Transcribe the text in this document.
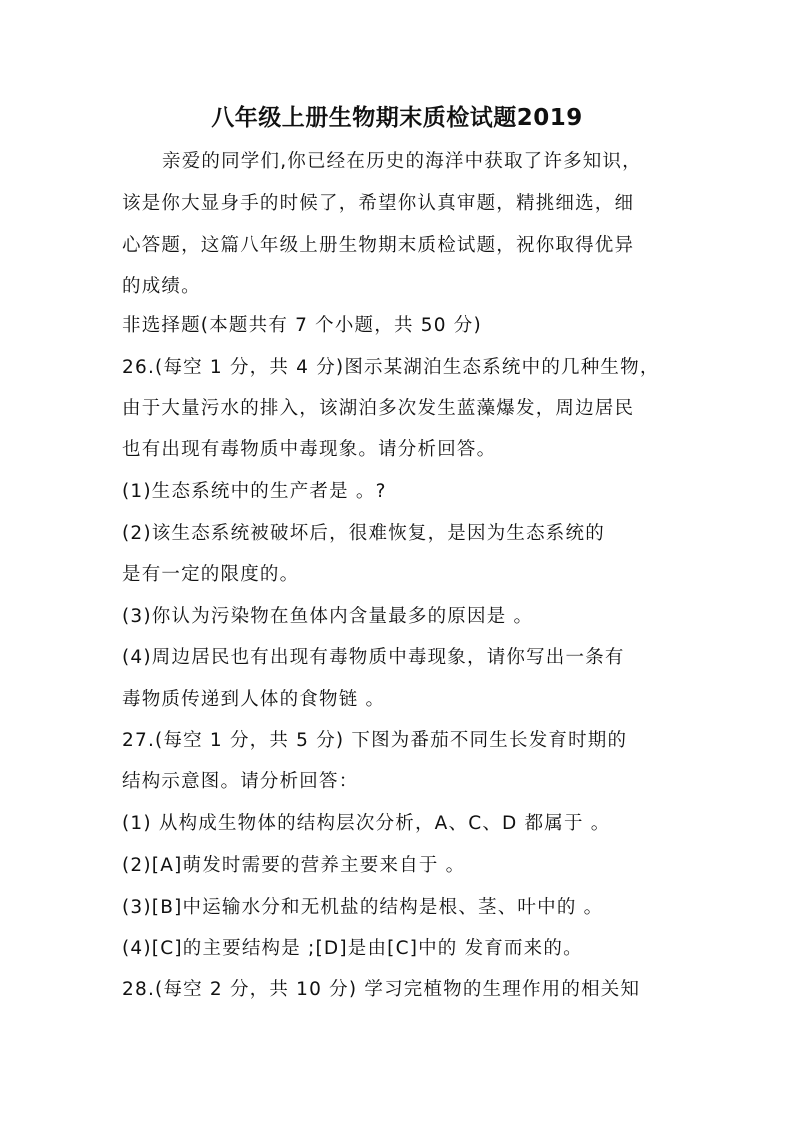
八年级上册生物期末质检试题2019
亲爱的同学们,你已经在历史的海洋中获取了许多知识，
该是你大显身手的时候了，希望你认真审题，精挑细选，细
心答题，这篇八年级上册生物期末质检试题，祝你取得优异
的成绩。
非选择题(本题共有 7 个小题，共 50 分)
26.(每空 1 分，共 4 分)图示某湖泊生态系统中的几种生物，
由于大量污水的排入，该湖泊多次发生蓝藻爆发，周边居民
也有出现有毒物质中毒现象。请分析回答。
(1)生态系统中的生产者是 。?
(2)该生态系统被破坏后，很难恢复，是因为生态系统的
是有一定的限度的。
(3)你认为污染物在鱼体内含量最多的原因是 。
(4)周边居民也有出现有毒物质中毒现象，请你写出一条有
毒物质传递到人体的食物链 。
27.(每空 1 分，共 5 分) 下图为番茄不同生长发育时期的
结构示意图。请分析回答：
(1) 从构成生物体的结构层次分析，A、C、D 都属于 。
(2)[A]萌发时需要的营养主要来自于 。
(3)[B]中运输水分和无机盐的结构是根、茎、叶中的 。
(4)[C]的主要结构是 ;[D]是由[C]中的 发育而来的。
28.(每空 2 分，共 10 分) 学习完植物的生理作用的相关知
